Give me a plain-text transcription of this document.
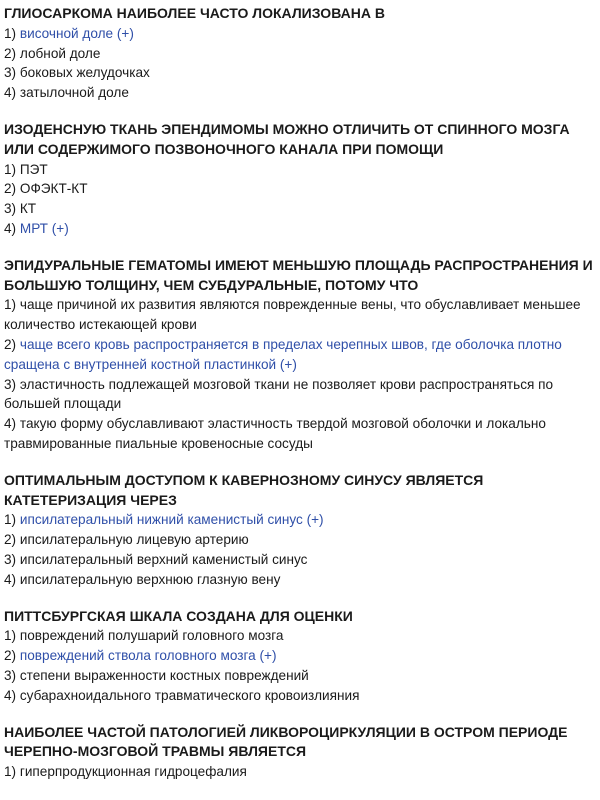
ГЛИОСАРКОМА НАИБОЛЕЕ ЧАСТО ЛОКАЛИЗОВАНА В

1) височной доле (+)

2) лобной доле

3) боковых желудочках

4) затылочной доле

ИЗОДЕНСНУЮ ТКАНЬ ЭПЕНДИМОМЫ МОЖНО ОТЛИЧИТЬ ОТ СПИННОГО МОЗГА ИЛИ СОДЕРЖИМОГО ПОЗВОНОЧНОГО КАНАЛА ПРИ ПОМОЩИ

1) ПЭТ

2) ОФЭКТ-КТ

3) КТ

4) МРТ (+)

ЭПИДУРАЛЬНЫЕ ГЕМАТОМЫ ИМЕЮТ МЕНЬШУЮ ПЛОЩАДЬ РАСПРОСТРАНЕНИЯ И БОЛЬШУЮ ТОЛЩИНУ, ЧЕМ СУБДУРАЛЬНЫЕ, ПОТОМУ ЧТО

1) чаще причиной их развития являются поврежденные вены, что обуславливает меньшее количество истекающей крови

2) чаще всего кровь распространяется в пределах черепных швов, где оболочка плотно сращена с внутренней костной пластинкой (+)

3) эластичность подлежащей мозговой ткани не позволяет крови распространяться по большей площади

4) такую форму обуславливают эластичность твердой мозговой оболочки и локально травмированные пиальные кровеносные сосуды

ОПТИМАЛЬНЫМ ДОСТУПОМ К КАВЕРНОЗНОМУ СИНУСУ ЯВЛЯЕТСЯ КАТЕТЕРИЗАЦИЯ ЧЕРЕЗ

1) ипсилатеральный нижний каменистый синус (+)

2) ипсилатеральную лицевую артерию

3) ипсилатеральный верхний каменистый синус

4) ипсилатеральную верхнюю глазную вену

ПИТТСБУРГСКАЯ ШКАЛА СОЗДАНА ДЛЯ ОЦЕНКИ

1) повреждений полушарий головного мозга

2) повреждений ствола головного мозга (+)

3) степени выраженности костных повреждений

4) субарахноидального травматического кровоизлияния

НАИБОЛЕЕ ЧАСТОЙ ПАТОЛОГИЕЙ ЛИКВОРОЦИРКУЛЯЦИИ В ОСТРОМ ПЕРИОДЕ ЧЕРЕПНО-МОЗГОВОЙ ТРАВМЫ ЯВЛЯЕТСЯ

1) гиперпродукционная гидроцефалия
